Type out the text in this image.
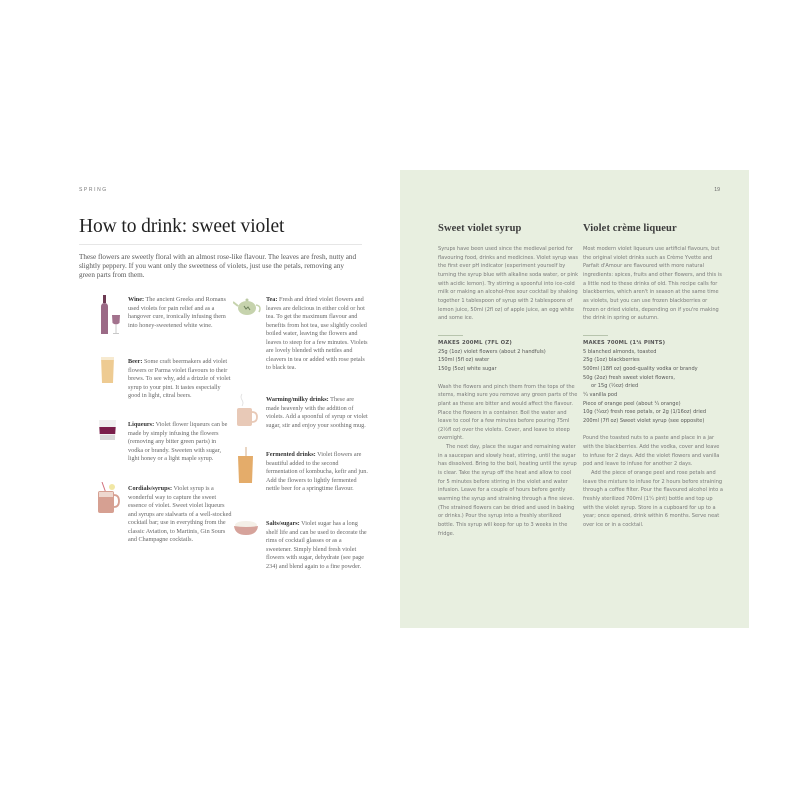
SPRING
How to drink: sweet violet
These flowers are sweetly floral with an almost rose-like flavour. The leaves are fresh, nutty and slightly peppery. If you want only the sweetness of violets, just use the petals, removing any green parts from them.
Wine: The ancient Greeks and Romans used violets for pain relief and as a hangover cure, ironically infusing them into honey-sweetened white wine.
Beer: Some craft beermakers add violet flowers or Parma violet flavours to their brews. To see why, add a drizzle of violet syrup to your pint. It tastes especially good in light, citral beers.
Liqueurs: Violet flower liqueurs can be made by simply infusing the flowers (removing any bitter green parts) in vodka or brandy. Sweeten with sugar, light honey or a light maple syrup.
Cordials/syrups: Violet syrup is a wonderful way to capture the sweet essence of violet. Sweet violet liqueurs and syrups are stalwarts of a well-stocked cocktail bar; use in everything from the classic Aviation, to Martinis, Gin Sours and Champagne cocktails.
Tea: Fresh and dried violet flowers and leaves are delicious in either cold or hot tea. To get the maximum flavour and benefits from hot tea, use slightly cooled boiled water, leaving the flowers and leaves to steep for a few minutes. Violets are lovely blended with nettles and cleavers in tea or added with rose petals to black tea.
Warming/milky drinks: These are made heavenly with the addition of violets. Add a spoonful of syrup or violet sugar, stir and enjoy your soothing mug.
Fermented drinks: Violet flowers are beautiful added to the second fermentation of kombucha, kefir and jun. Add the flowers to lightly fermented nettle beer for a springtime flavour.
Salts/sugars: Violet sugar has a long shelf life and can be used to decorate the rims of cocktail glasses or as a sweetener. Simply blend fresh violet flowers with sugar, dehydrate (see page 234) and blend again to a fine powder.
19
Sweet violet syrup
Syrups have been used since the medieval period for flavouring food, drinks and medicines. Violet syrup was the first ever pH indicator (experiment yourself by turning the syrup blue with alkaline soda water, or pink with acidic lemon). Try stirring a spoonful into ice-cold milk or making an alcohol-free sour cocktail by shaking together 1 tablespoon of syrup with 2 tablespoons of lemon juice, 50ml (2fl oz) of apple juice, an egg white and some ice.
MAKES 200ML (7FL OZ)
25g (1oz) violet flowers (about 2 handfuls)
150ml (5fl oz) water
150g (5oz) white sugar
Wash the flowers and pinch them from the tops of the stems, making sure you remove any green parts of the plant as these are bitter and would affect the flavour. Place the flowers in a container. Boil the water and leave to cool for a few minutes before pouring 75ml (2½fl oz) over the violets. Cover, and leave to steep overnight.
The next day, place the sugar and remaining water in a saucepan and slowly heat, stirring, until the sugar has dissolved. Bring to the boil, heating until the syrup is clear. Take the syrup off the heat and allow to cool for 5 minutes before stirring in the violet and water infusion. Leave for a couple of hours before gently warming the syrup and straining through a fine sieve. (The strained flowers can be dried and used in baking or drinks.) Pour the syrup into a freshly sterilized bottle. This syrup will keep for up to 3 weeks in the fridge.
Violet crème liqueur
Most modern violet liqueurs use artificial flavours, but the original violet drinks such as Crème Yvette and Parfait d'Amour are flavoured with more natural ingredients: spices, fruits and other flowers, and this is a little nod to these drinks of old. This recipe calls for blackberries, which aren't in season at the same time as violets, but you can use frozen blackberries or frozen or dried violets, depending on if you're making the drink in spring or autumn.
MAKES 700ML (1¼ PINTS)
5 blanched almonds, toasted
25g (1oz) blackberries
500ml (18fl oz) good-quality vodka or brandy
50g (2oz) fresh sweet violet flowers,
or 15g (½oz) dried
¼ vanilla pod
Piece of orange peel (about ¼ orange)
10g (¼oz) fresh rose petals, or 2g (1/16oz) dried
200ml (7fl oz) Sweet violet syrup (see opposite)
Pound the toasted nuts to a paste and place in a jar with the blackberries. Add the vodka, cover and leave to infuse for 2 days. Add the violet flowers and vanilla pod and leave to infuse for another 2 days.
Add the piece of orange peel and rose petals and leave the mixture to infuse for 2 hours before straining through a coffee filter. Pour the flavoured alcohol into a freshly sterilized 700ml (1¼ pint) bottle and top up with the violet syrup. Store in a cupboard for up to a year; once opened, drink within 6 months. Serve neat over ice or in a cocktail.
